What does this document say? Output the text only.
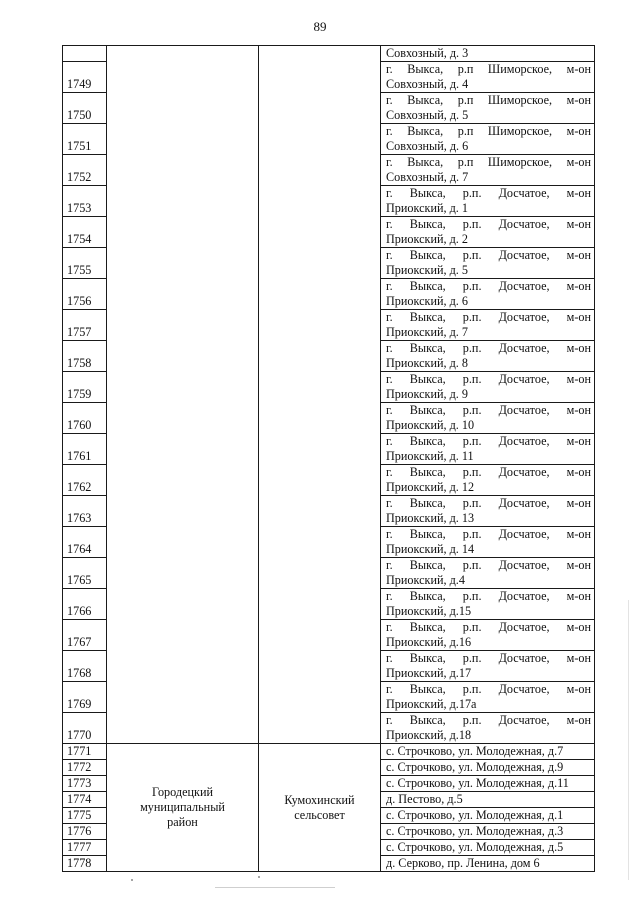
89

			Совхозный, д. 3

1749			г. Выкса, р.п Шиморское, м-он Совхозный, д. 4

1750			г. Выкса, р.п Шиморское, м-он Совхозный, д. 5

1751			г. Выкса, р.п Шиморское, м-он Совхозный, д. 6

1752			г. Выкса, р.п Шиморское, м-он Совхозный, д. 7

1753			г. Выкса, р.п. Досчатое, м-он Приокский, д. 1

1754			г. Выкса, р.п. Досчатое, м-он Приокский, д. 2

1755			г. Выкса, р.п. Досчатое, м-он Приокский, д. 5

1756			г. Выкса, р.п. Досчатое, м-он Приокский, д. 6

1757			г. Выкса, р.п. Досчатое, м-он Приокский, д. 7

1758			г. Выкса, р.п. Досчатое, м-он Приокский, д. 8

1759			г. Выкса, р.п. Досчатое, м-он Приокский, д. 9

1760			г. Выкса, р.п. Досчатое, м-он Приокский, д. 10

1761			г. Выкса, р.п. Досчатое, м-он Приокский, д. 11

1762			г. Выкса, р.п. Досчатое, м-он Приокский, д. 12

1763			г. Выкса, р.п. Досчатое, м-он Приокский, д. 13

1764			г. Выкса, р.п. Досчатое, м-он Приокский, д. 14

1765			г. Выкса, р.п. Досчатое, м-он Приокский, д.4

1766			г. Выкса, р.п. Досчатое, м-он Приокский, д.15

1767			г. Выкса, р.п. Досчатое, м-он Приокский, д.16

1768			г. Выкса, р.п. Досчатое, м-он Приокский, д.17

1769			г. Выкса, р.п. Досчатое, м-он Приокский, д.17а

1770			г. Выкса, р.п. Досчатое, м-он Приокский, д.18

1771	Городецкий муниципальный район	Кумохинский сельсовет	с. Строчково, ул. Молодежная, д.7
1772			с. Строчково, ул. Молодежная, д.9
1773			с. Строчково, ул. Молодежная, д.11
1774			д. Пестово, д.5
1775			с. Строчково, ул. Молодежная, д.1
1776			с. Строчково, ул. Молодежная, д.3
1777			с. Строчково, ул. Молодежная, д.5
1778			д. Серково, пр. Ленина, дом 6
